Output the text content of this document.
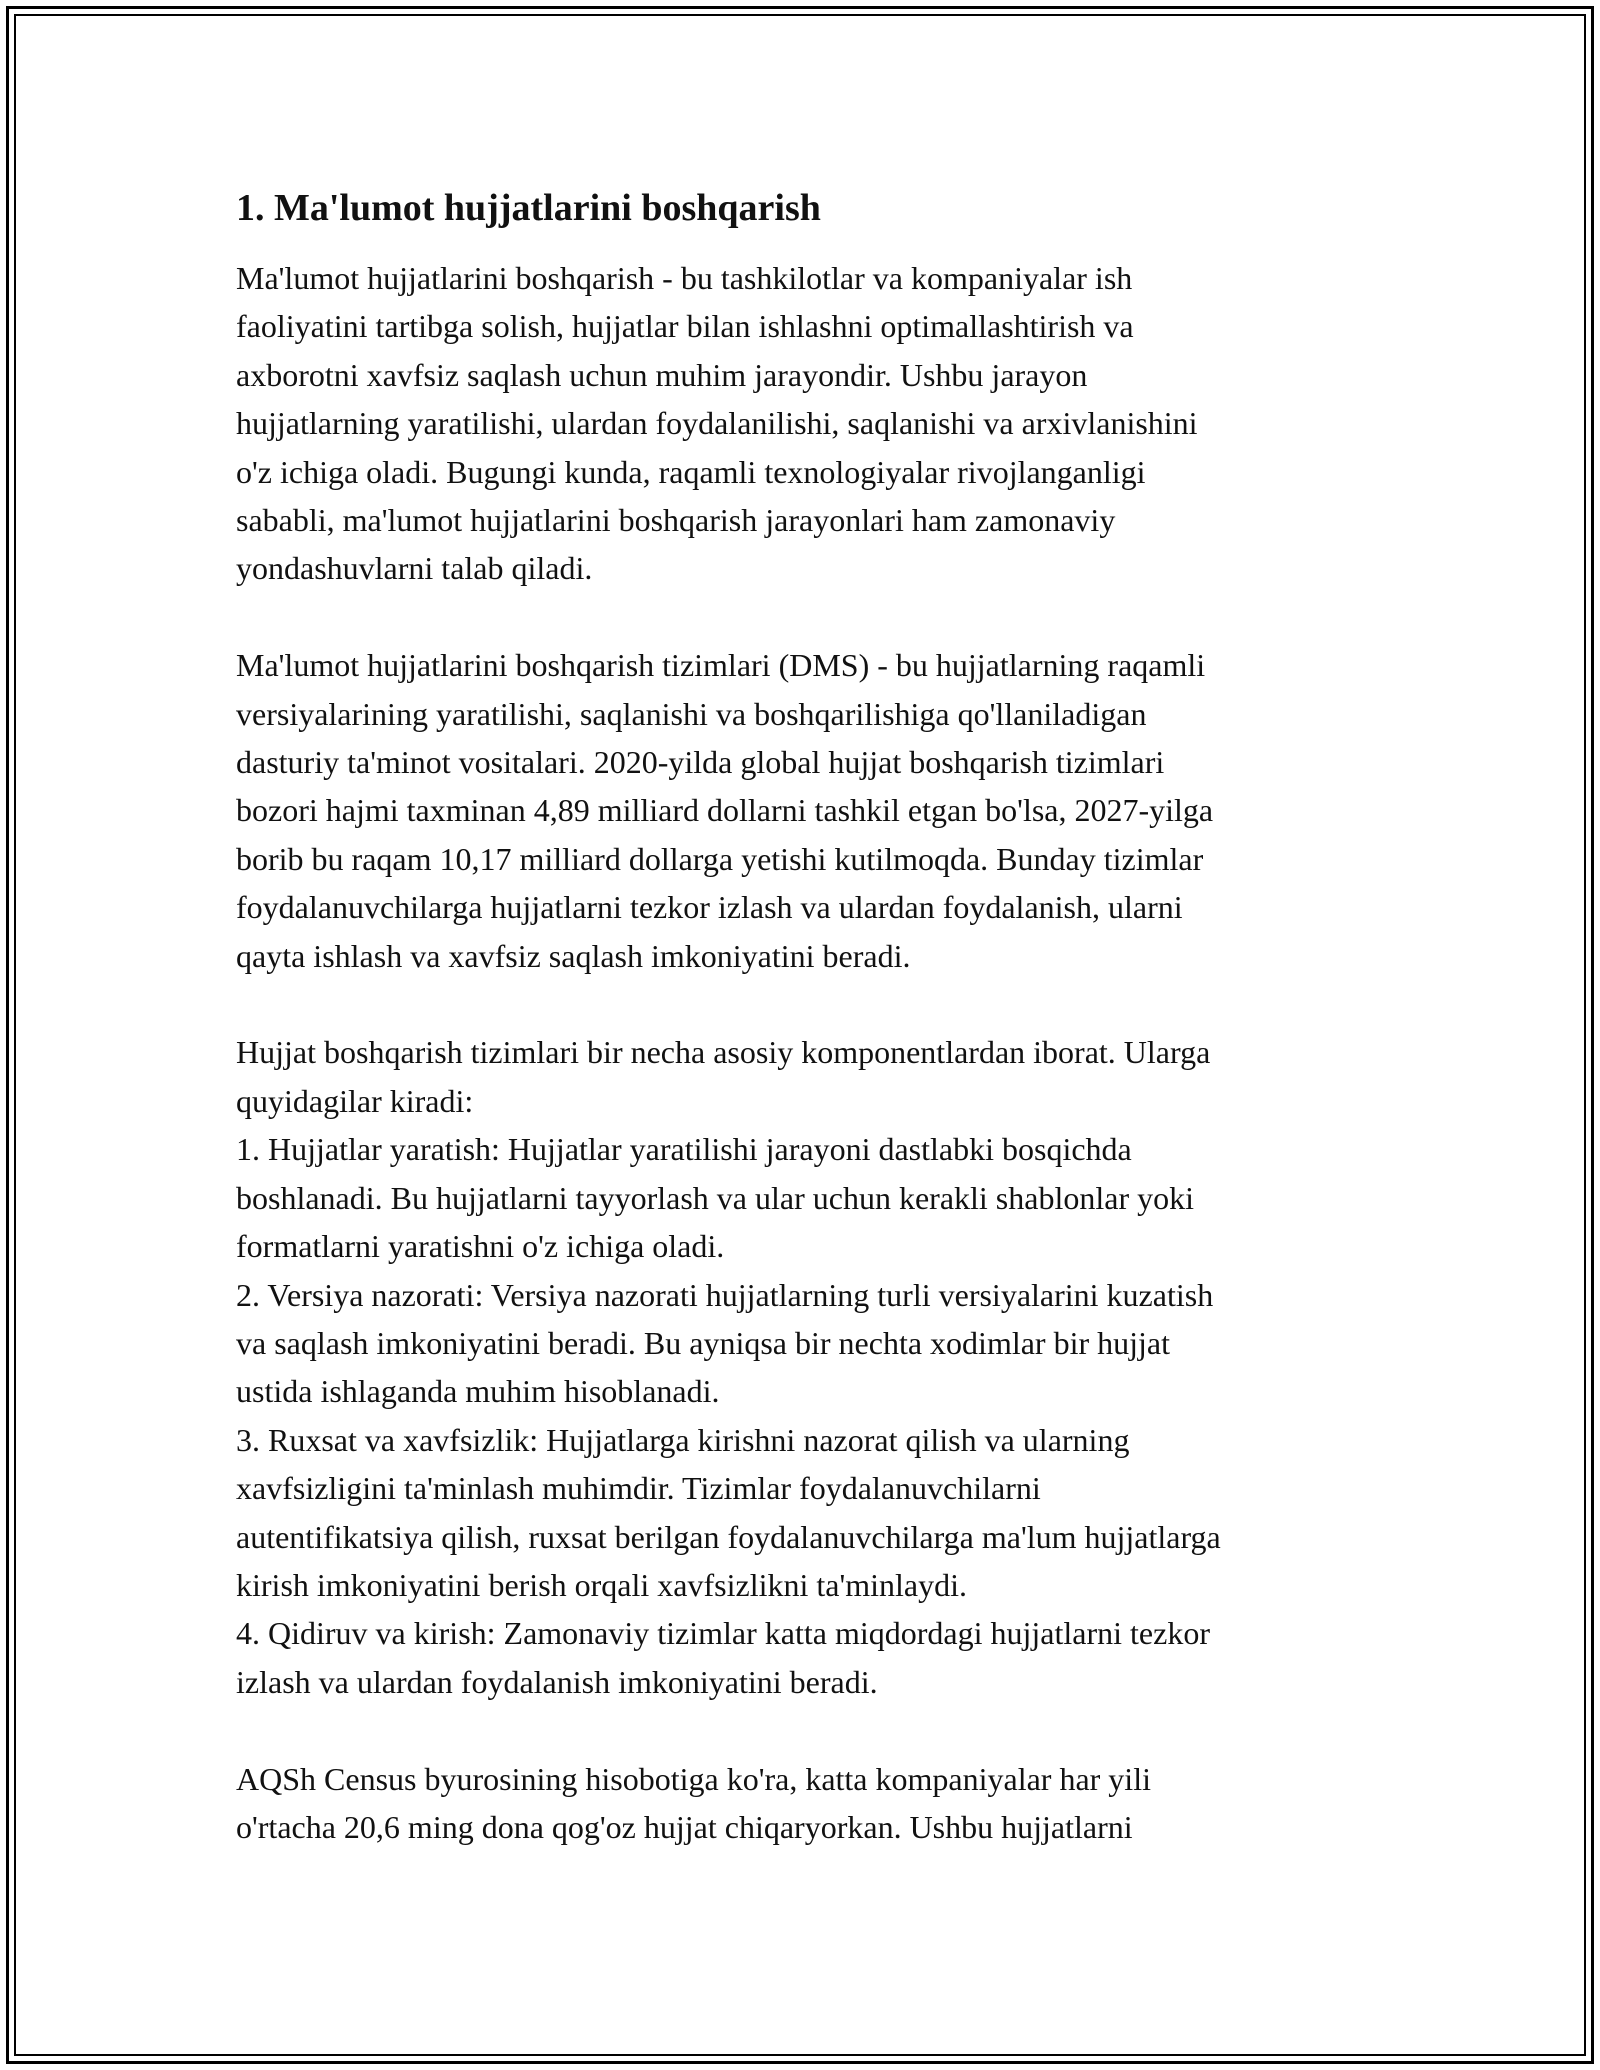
1. Ma'lumot hujjatlarini boshqarish
Ma'lumot hujjatlarini boshqarish - bu tashkilotlar va kompaniyalar ish
faoliyatini tartibga solish, hujjatlar bilan ishlashni optimallashtirish va
axborotni xavfsiz saqlash uchun muhim jarayondir. Ushbu jarayon
hujjatlarning yaratilishi, ulardan foydalanilishi, saqlanishi va arxivlanishini
o'z ichiga oladi. Bugungi kunda, raqamli texnologiyalar rivojlanganligi
sababli, ma'lumot hujjatlarini boshqarish jarayonlari ham zamonaviy
yondashuvlarni talab qiladi.
Ma'lumot hujjatlarini boshqarish tizimlari (DMS) - bu hujjatlarning raqamli
versiyalarining yaratilishi, saqlanishi va boshqarilishiga qo'llaniladigan
dasturiy ta'minot vositalari. 2020-yilda global hujjat boshqarish tizimlari
bozori hajmi taxminan 4,89 milliard dollarni tashkil etgan bo'lsa, 2027-yilga
borib bu raqam 10,17 milliard dollarga yetishi kutilmoqda. Bunday tizimlar
foydalanuvchilarga hujjatlarni tezkor izlash va ulardan foydalanish, ularni
qayta ishlash va xavfsiz saqlash imkoniyatini beradi.
Hujjat boshqarish tizimlari bir necha asosiy komponentlardan iborat. Ularga
quyidagilar kiradi:
1. Hujjatlar yaratish: Hujjatlar yaratilishi jarayoni dastlabki bosqichda
boshlanadi. Bu hujjatlarni tayyorlash va ular uchun kerakli shablonlar yoki
formatlarni yaratishni o'z ichiga oladi.
2. Versiya nazorati: Versiya nazorati hujjatlarning turli versiyalarini kuzatish
va saqlash imkoniyatini beradi. Bu ayniqsa bir nechta xodimlar bir hujjat
ustida ishlaganda muhim hisoblanadi.
3. Ruxsat va xavfsizlik: Hujjatlarga kirishni nazorat qilish va ularning
xavfsizligini ta'minlash muhimdir. Tizimlar foydalanuvchilarni
autentifikatsiya qilish, ruxsat berilgan foydalanuvchilarga ma'lum hujjatlarga
kirish imkoniyatini berish orqali xavfsizlikni ta'minlaydi.
4. Qidiruv va kirish: Zamonaviy tizimlar katta miqdordagi hujjatlarni tezkor
izlash va ulardan foydalanish imkoniyatini beradi.
AQSh Census byurosining hisobotiga ko'ra, katta kompaniyalar har yili
o'rtacha 20,6 ming dona qog'oz hujjat chiqaryorkan. Ushbu hujjatlarni
